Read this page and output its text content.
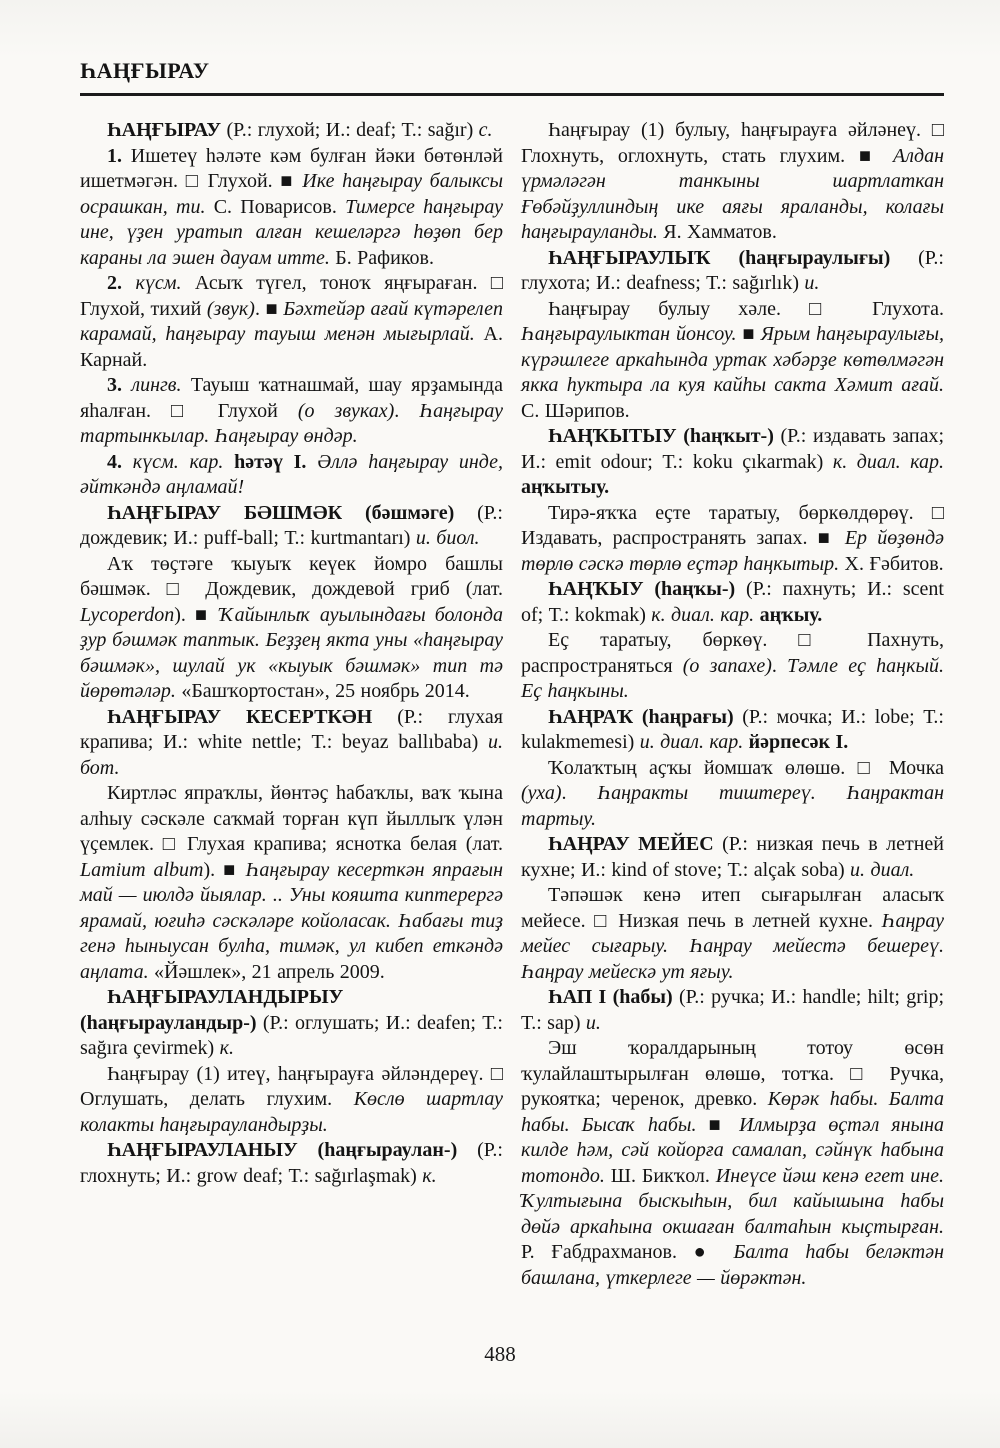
ҺАҢҒЫРАУ

ҺАҢҒЫРАУ (Р.: глухой; И.: deaf; Т.: sağır) с.

1. Ишетеү һәләте кәм булған йәки бөтөнләй ишетмәгән. □ Глухой. ■ Ике һаңғырау балыксы осрашкан, ти. С. Поварисов. Тимерсе һаңғырау ине, үҙен уратып алған кешеләргә һөҙөп бер караны ла эшен дауам итте. Б. Рафиков.

2. күсм. Асыҡ түгел, тоноҡ яңғыраған. □ Глухой, тихий (звук). ■ Бәхтейәр ағай күтәрелеп карамай, һаңғырау тауыш менән мығырлай. А. Карнай.

3. лингв. Тауыш ҡатнашмай, шау ярҙамында яһалған. □ Глухой (о звуках). Һаңғырау тартынкылар. Һаңғырау өндәр.

4. күсм. кар. һәтәү I. Әллә һаңғырау инде, әйткәндә аңламай!

ҺАҢҒЫРАУ БӘШМӘК (бәшмәге) (Р.: дождевик; И.: puff-ball; Т.: kurtmantarı) и. биол.

Аҡ төҫтәге ҡыуыҡ кеүек йомро башлы бәшмәк. □ Дождевик, дождевой гриб (лат. Lycoperdon). ■ Ҡайынлыҡ ауылындағы болонда ҙур бәшмәк таптык. Беҙҙең якта уны «һаңғырау бәшмәк», шулай ук «кыуык бәшмәк» тип тә йөрөтәләр. «Башҡортостан», 25 ноябрь 2014.

ҺАҢҒЫРАУ КЕСЕРТКӘН (Р.: глухая крапива; И.: white nettle; Т.: beyaz ballıbaba) и. бот.

Киртләс япраҡлы, йөнтәҫ һабаҡлы, ваҡ ҡына алһыу сәскәле саҡмай торған күп йыллыҡ үлән үҫемлек. □ Глухая крапива; яснотка белая (лат. Lamium album). ■ Һаңғырау кесерткән япрағын май — июлдә йыялар. .. Уны кояшта киптерергә ярамай, юғиһә сәскәләре койоласак. Һабағы тиҙ генә һыныусан булһа, тимәк, ул кибеп еткәндә аңлата. «Йәшлек», 21 апрель 2009.

ҺАҢҒЫРАУЛАНДЫРЫУ (һаңғырауландыр-) (Р.: оглушать; И.: deafen; Т.: sağıra çevirmek) к.

Һаңғырау (1) итеү, һаңғырауға әйләндереү. □ Оглушать, делать глухим. Көслө шартлау колакты һаңғырауландырҙы.

ҺАҢҒЫРАУЛАНЫУ (һаңғыраулан-) (Р.: глохнуть; И.: grow deaf; Т.: sağırlaşmak) к.

Һаңғырау (1) булыу, һаңғырауға әйләнеү. □ Глохнуть, оглохнуть, стать глухим. ■ Алдан үрмәләгән танкыны шартлаткан Ғөбәйҙуллиндың ике аяғы яраланды, колағы һаңғырауланды. Я. Хамматов.

ҺАҢҒЫРАУЛЫҠ (һаңғыраулығы) (Р.: глухота; И.: deafness; Т.: sağırlık) и.

Һаңғырау булыу хәле. □ Глухота. Һаңғыраулыктан йонсоу. ■ Ярым һаңғыраулығы, күрәшлеге аркаһында уртак хәбәрҙе көтөлмәгән якка һуктыра ла куя кайһы сакта Хәмит ағай. С. Шәрипов.

ҺАҢҠЫТЫУ (һаңҡыт-) (Р.: издавать запах; И.: emit odour; Т.: koku çıkarmak) к. диал. кар. аңҡытыу.

Тирә-яҡҡа еҫте таратыу, бөркөлдөрөү. □ Издавать, распространять запах. ■ Ер йөҙөндә төрлө сәскә төрлө еҫтәр һаңкытыр. Х. Ғәбитов.

ҺАҢҠЫУ (һаңҡы-) (Р.: пахнуть; И.: scent of; Т.: kokmak) к. диал. кар. аңҡыу.

Еҫ таратыу, бөркөү. □ Пахнуть, распространяться (о запахе). Тәмле еҫ һаңкый. Еҫ һаңкыны.

ҺАҢРАҠ (һаңрағы) (Р.: мочка; И.: lobe; Т.: kulakmemesi) и. диал. кар. йәрпесәк I.

Ҡолаҡтың аҫҡы йомшаҡ өлөшө. □ Мочка (уха). Һаңракты тиштереү. Һаңрактан тартыу.

ҺАҢРАУ МЕЙЕС (Р.: низкая печь в летней кухне; И.: kind of stove; Т.: alçak soba) и. диал.

Тәпәшәк кенә итеп сығарылған аласыҡ мейесе. □ Низкая печь в летней кухне. Һаңрау мейес сығарыу. Һаңрау мейестә бешереү. Һаңрау мейескә ут яғыу.

ҺАП I (һабы) (Р.: ручка; И.: handle; hilt; grip; Т.: sap) и.

Эш ҡоралдарының тотоу өсөн ҡулайлаштырылған өлөшө, тотҡа. □ Ручка, рукоятка; черенок, древко. Көрәк һабы. Балта һабы. Бысаҡ һабы. ■ Илмырҙа өҫтәл янына килде һәм, сәй койорға самалап, сәйнүк һабына тотондо. Ш. Бикҡол. Инеүсе йәш кенә егет ине. Ҡултығына быскыһын, бил кайышына һабы дөйә аркаһына окшаған балтаһын кыҫтырған. Р. Ғабдрахманов. ● Балта һабы беләктән башлана, үткерлеге — йөрәктән.

488
